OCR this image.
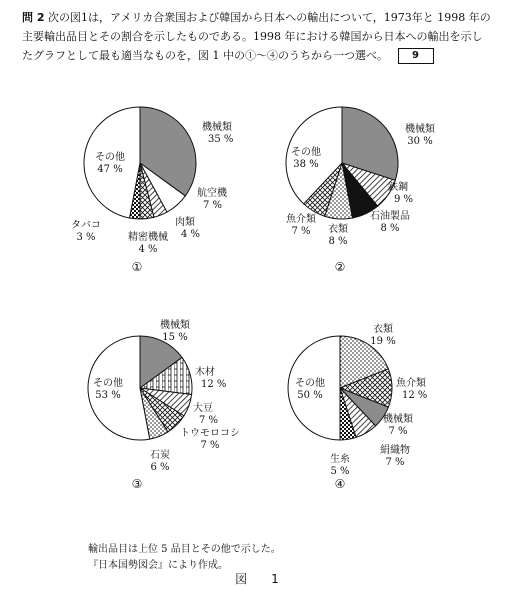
問 2 次の図1は，アメリカ合衆国および韓国から日本への輸出について，1973年と 1998 年の主要輸出品目とその割合を示したものである。1998 年における韓国から日本への輸出を示したグラフとして最も適当なものを，図 1 中の①～④のうちから一つ選べ。 9
機械類
35 %
航空機
7 %
肉類
4 %
精密機械
4 %
タバコ
3 %
その他
47 %
①
機械類
30 %
鉄鋼
9 %
石油製品
8 %
衣類
8 %
魚介類
7 %
その他
38 %
②
機械類
15 %
木材
12 %
大豆
7 %
トウモロコシ
7 %
石炭
6 %
その他
53 %
③
衣類
19 %
魚介類
12 %
機械類
7 %
絹織物
7 %
生糸
5 %
その他
50 %
④
輸出品目は上位 5 品目とその他で示した。
『日本国勢図会』により作成。
図　1
